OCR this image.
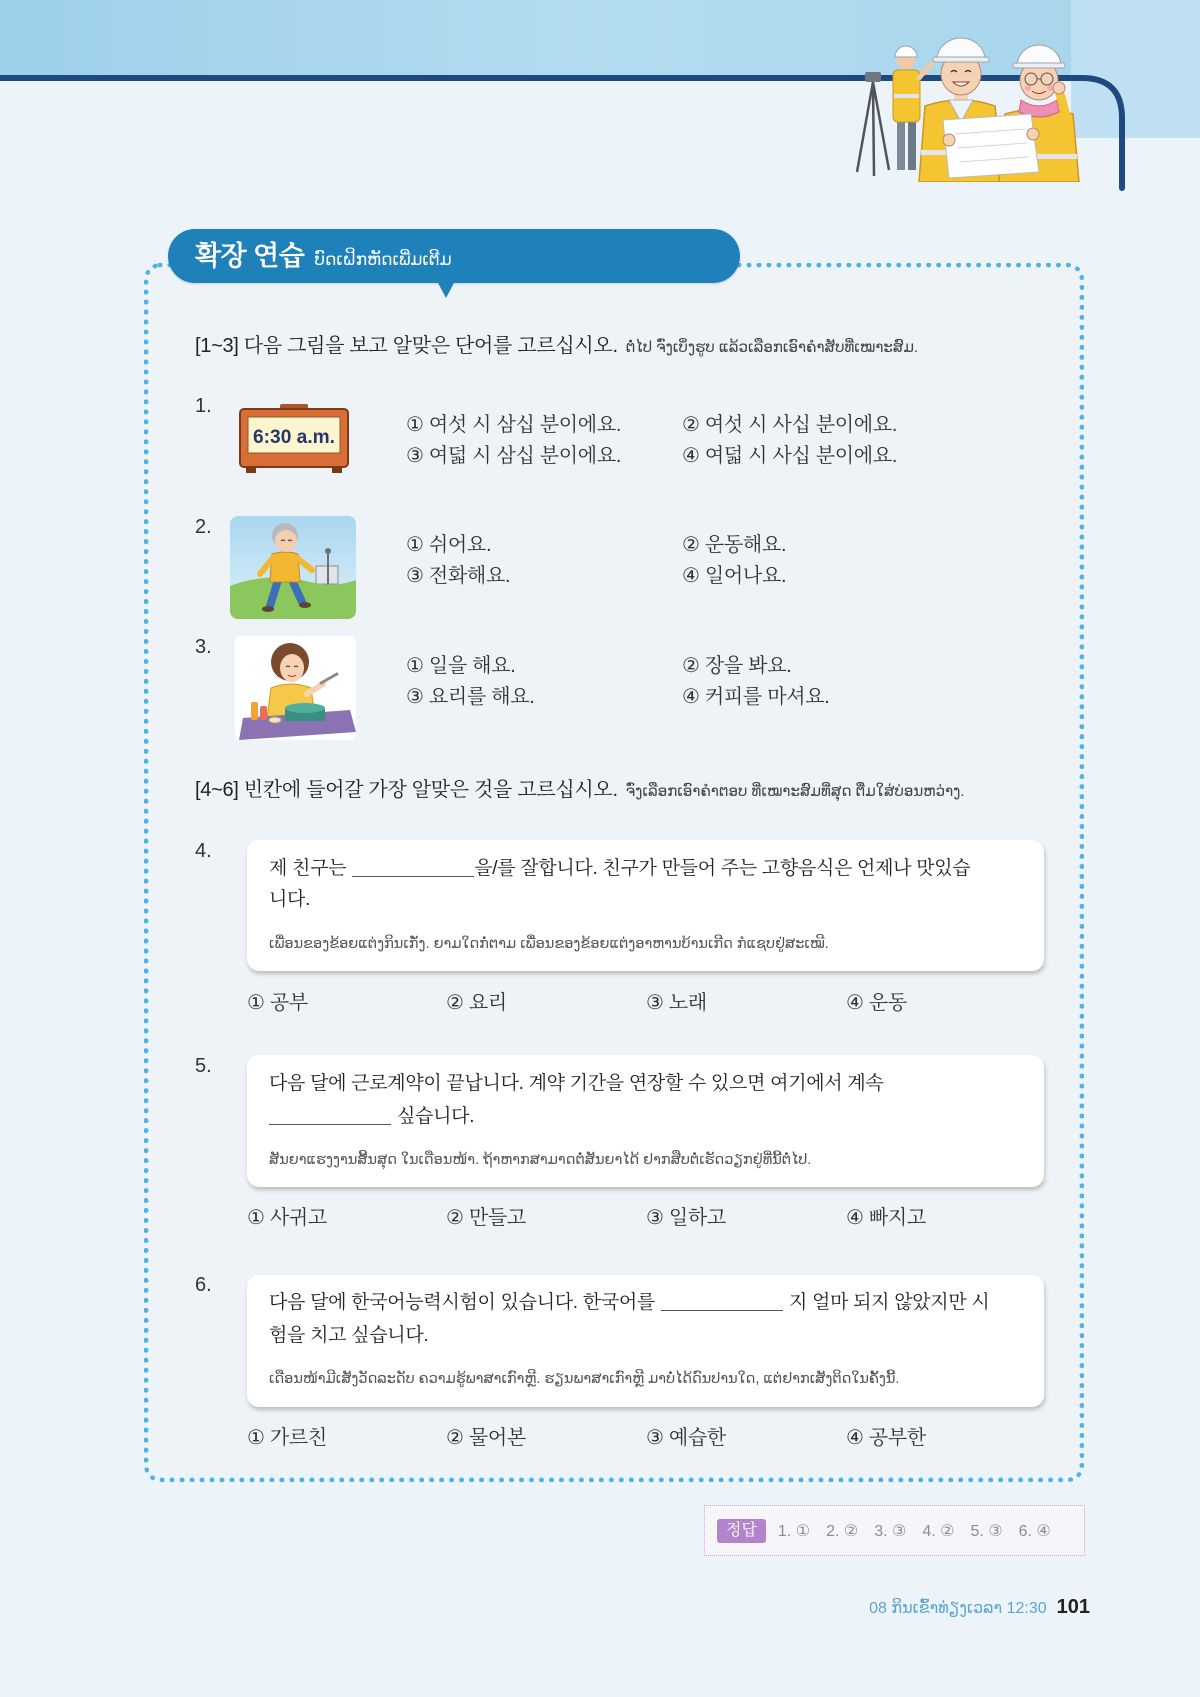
확장 연습 ບົດເຝິກຫັດເພີ່ມເຕີມ
[1~3] 다음 그림을 보고 알맞은 단어를 고르십시오. ຕໍ່ໄປ ຈົ່ງເບິ່ງຮູບ ແລ້ວເລືອກເອົາຄຳສັບທີ່ເໝາະສົມ.
1.
6:30 a.m.
① 여섯 시 삼십 분이에요.	② 여섯 시 사십 분이에요.
③ 여덟 시 삼십 분이에요.	④ 여덟 시 사십 분이에요.
2.
① 쉬어요.	② 운동해요.
③ 전화해요.	④ 일어나요.
3.
① 일을 해요.	② 장을 봐요.
③ 요리를 해요.	④ 커피를 마셔요.
[4~6] 빈칸에 들어갈 가장 알맞은 것을 고르십시오. ຈົ່ງເລືອກເອົາຄຳຕອບ ທີ່ເໝາະສົມທີ່ສຸດ ຕື່ມໃສ່ບ່ອນຫວ່າງ.
4.
제 친구는	을/를 잘합니다. 친구가 만들어 주는 고향음식은 언제나 맛있습
니다.
ເພື່ອນຂອງຂ້ອຍແຕ່ງກິນເກັ່ງ. ຍາມໃດກໍ່ຕາມ ເພື່ອນຂອງຂ້ອຍແຕ່ງອາຫານບ້ານເກີດ ກໍແຊບຢູ່ສະເໝີ.
① 공부	② 요리	③ 노래	④ 운동
5.
다음 달에 근로계약이 끝납니다. 계약 기간을 연장할 수 있으면 여기에서 계속
싶습니다.
ສັນຍາແຮງງານສິ້ນສຸດ ໃນເດືອນໜ້າ. ຖ້າຫາກສາມາດຕໍ່ສັນຍາໄດ້ ຢາກສືບຕໍ່ເຮັດວຽກຢູ່ທີ່ນີ້ຕໍ່ໄປ.
① 사귀고	② 만들고	③ 일하고	④ 빠지고
6.
다음 달에 한국어능력시험이 있습니다. 한국어를	지 얼마 되지 않았지만 시
험을 치고 싶습니다.
ເດືອນໜ້າມີເສັງວັດລະດັບ ຄວາມຮູ້ພາສາເກົາຫຼີ. ຮຽນພາສາເກົາຫຼີ ມາບໍ່ໄດ້ດົນປານໃດ, ແຕ່ຢາກເສັງຕິດໃນຄັ້ງນີ້.
① 가르친	② 물어본	③ 예습한	④ 공부한
정답	1. ① 2. ② 3. ③ 4. ② 5. ③ 6. ④
08 ກິນເຂົ້າທ່ຽງເວລາ 12:30 101
